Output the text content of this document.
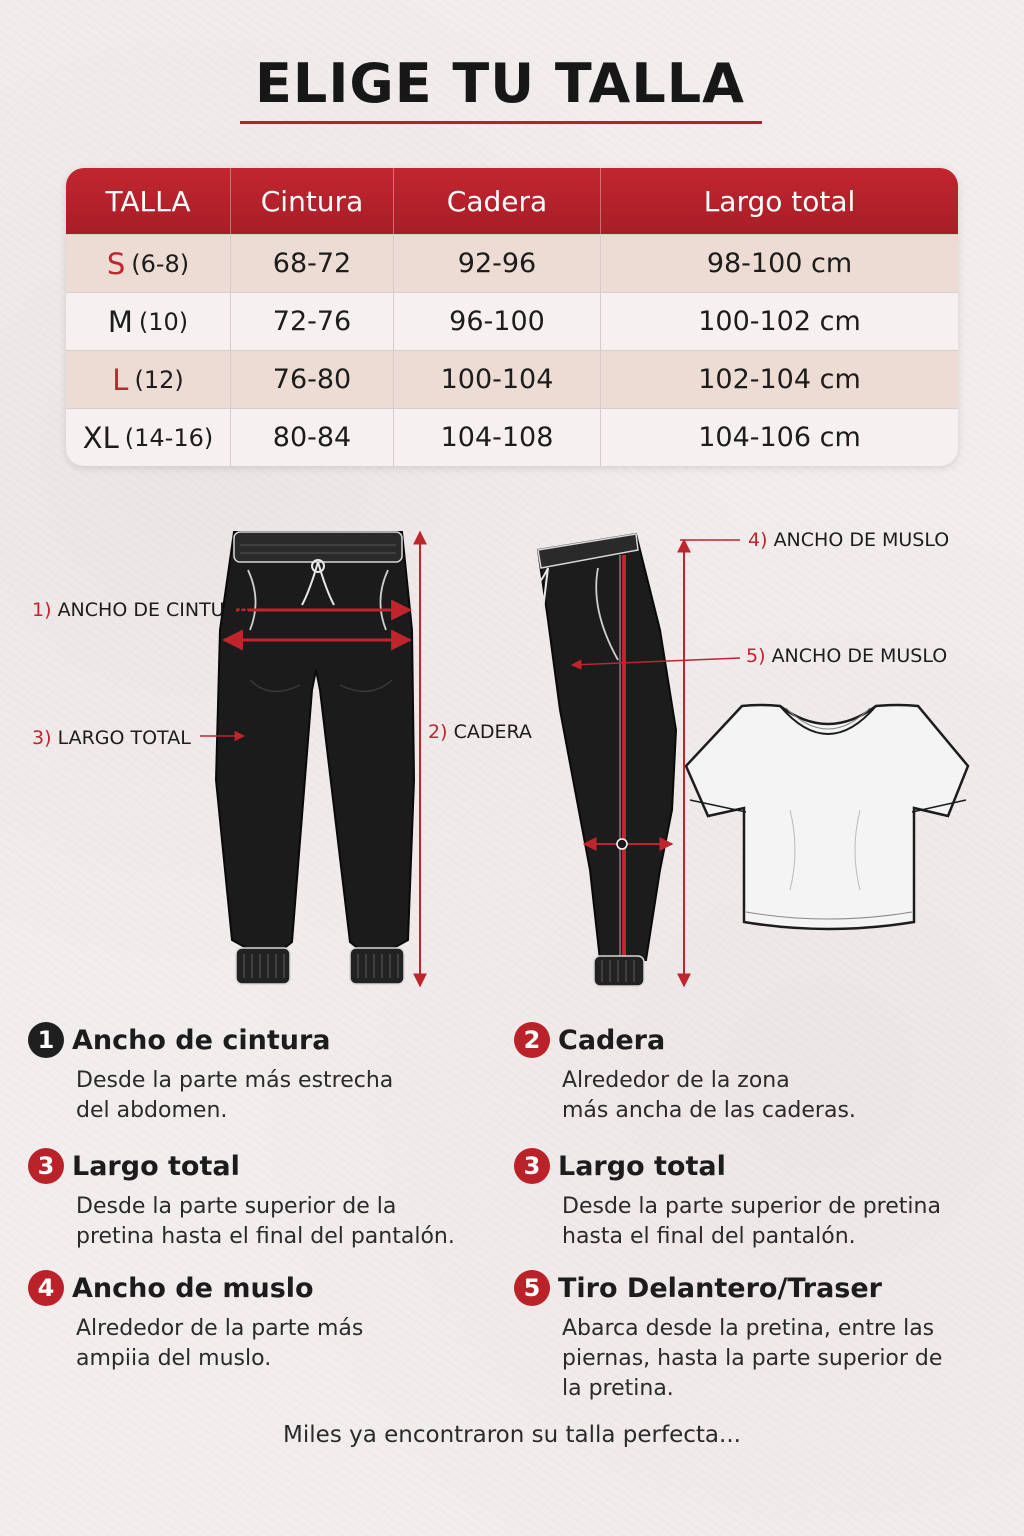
ELIGE TU TALLA
TALLA	Cintura	Cadera	Largo total
S (6-8)	68-72	92-96	98-100 cm
M (10)	72-76	96-100	100-102 cm
L (12)	76-80	100-104	102-104 cm
XL (14-16)	80-84	104-108	104-106 cm
1) ANCHO DE CINTURA
2) CADERA
3) LARGO TOTAL
4) ANCHO DE MUSLO
5) ANCHO DE MUSLO
1 Ancho de cintura
Desde la parte más estrecha
del abdomen.
2 Cadera
Alrededor de la zona
más ancha de las caderas.
3 Largo total
Desde la parte superior de la
pretina hasta el final del pantalón.
3 Largo total
Desde la parte superior de pretina
hasta el final del pantalón.
4 Ancho de muslo
Alrededor de la parte más
ampiia del muslo.
5 Tiro Delantero/Traser
Abarca desde la pretina, entre las
piernas, hasta la parte superior de
la pretina.
Miles ya encontraron su talla perfecta...
